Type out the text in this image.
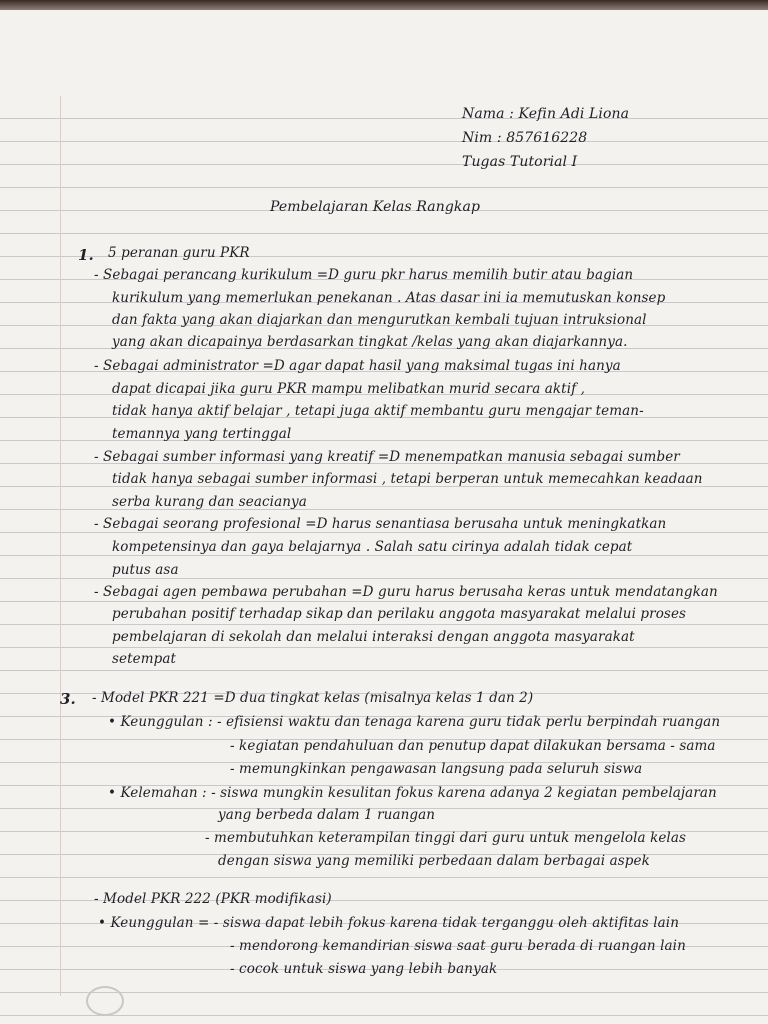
Nama : Kefin Adi Liona
Nim : 857616228
Tugas Tutorial I
Pembelajaran Kelas Rangkap
1. 5 peranan guru PKR
- Sebagai perancang kurikulum =D guru pkr harus memilih butir atau bagian
kurikulum yang memerlukan penekanan . Atas dasar ini ia memutuskan konsep
dan fakta yang akan diajarkan dan mengurutkan kembali tujuan intruksional
yang akan dicapainya berdasarkan tingkat /kelas yang akan diajarkannya.
- Sebagai administrator =D agar dapat hasil yang maksimal tugas ini hanya
dapat dicapai jika guru PKR mampu melibatkan murid secara aktif ,
tidak hanya aktif belajar , tetapi juga aktif membantu guru mengajar teman-
temannya yang tertinggal
- Sebagai sumber informasi yang kreatif =D menempatkan manusia sebagai sumber
tidak hanya sebagai sumber informasi , tetapi berperan untuk memecahkan keadaan
serba kurang dan seacianya
- Sebagai seorang profesional =D harus senantiasa berusaha untuk meningkatkan
kompetensinya dan gaya belajarnya . Salah satu cirinya adalah tidak cepat
putus asa
- Sebagai agen pembawa perubahan =D guru harus berusaha keras untuk mendatangkan
perubahan positif terhadap sikap dan perilaku anggota masyarakat melalui proses
pembelajaran di sekolah dan melalui interaksi dengan anggota masyarakat
setempat
3. - Model PKR 221 =D dua tingkat kelas (misalnya kelas 1 dan 2)
• Keunggulan : - efisiensi waktu dan tenaga karena guru tidak perlu berpindah ruangan
- kegiatan pendahuluan dan penutup dapat dilakukan bersama - sama
- memungkinkan pengawasan langsung pada seluruh siswa
• Kelemahan : - siswa mungkin kesulitan fokus karena adanya 2 kegiatan pembelajaran
yang berbeda dalam 1 ruangan
- membutuhkan keterampilan tinggi dari guru untuk mengelola kelas
dengan siswa yang memiliki perbedaan dalam berbagai aspek
- Model PKR 222 (PKR modifikasi)
• Keunggulan = - siswa dapat lebih fokus karena tidak terganggu oleh aktifitas lain
- mendorong kemandirian siswa saat guru berada di ruangan lain
- cocok untuk siswa yang lebih banyak
